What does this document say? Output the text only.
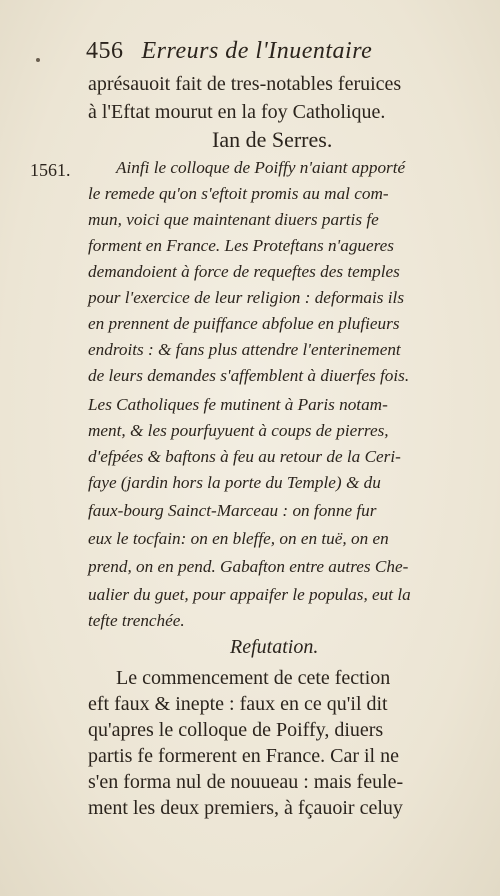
456 Erreurs de l'Inuentaire
aprésauoit fait de tres-notables feruices
à l'Eftat mourut en la foy Catholique.
Ian de Serres.
1561.	Ainfi le colloque de Poiffy n'aiant apporté
le remede qu'on s'eftoit promis au mal com-
mun, voici que maintenant diuers partis fe
forment en France. Les Proteftans n'agueres
demandoient à force de requeftes des temples
pour l'exercice de leur religion : deformais ils
en prennent de puiffance abfolue en plufieurs
endroits : & fans plus attendre l'enterinement
de leurs demandes s'affemblent à diuerfes fois.
Les Catholiques fe mutinent à Paris notam-
ment, & les pourfuyuent à coups de pierres,
d'efpées & baftons à feu au retour de la Ceri-
faye (jardin hors la porte du Temple) & du
faux-bourg Sainct-Marceau : on fonne fur
eux le tocfain: on en bleffe, on en tuë, on en
prend, on en pend. Gabafton entre autres Che-
ualier du guet, pour appaifer le populas, eut la
tefte trenchée.
Refutation.
Le commencement de cete fection
eft faux & inepte : faux en ce qu'il dit
qu'apres le colloque de Poiffy, diuers
partis fe formerent en France. Car il ne
s'en forma nul de nouueau : mais feule-
ment les deux premiers, à fçauoir celuy
